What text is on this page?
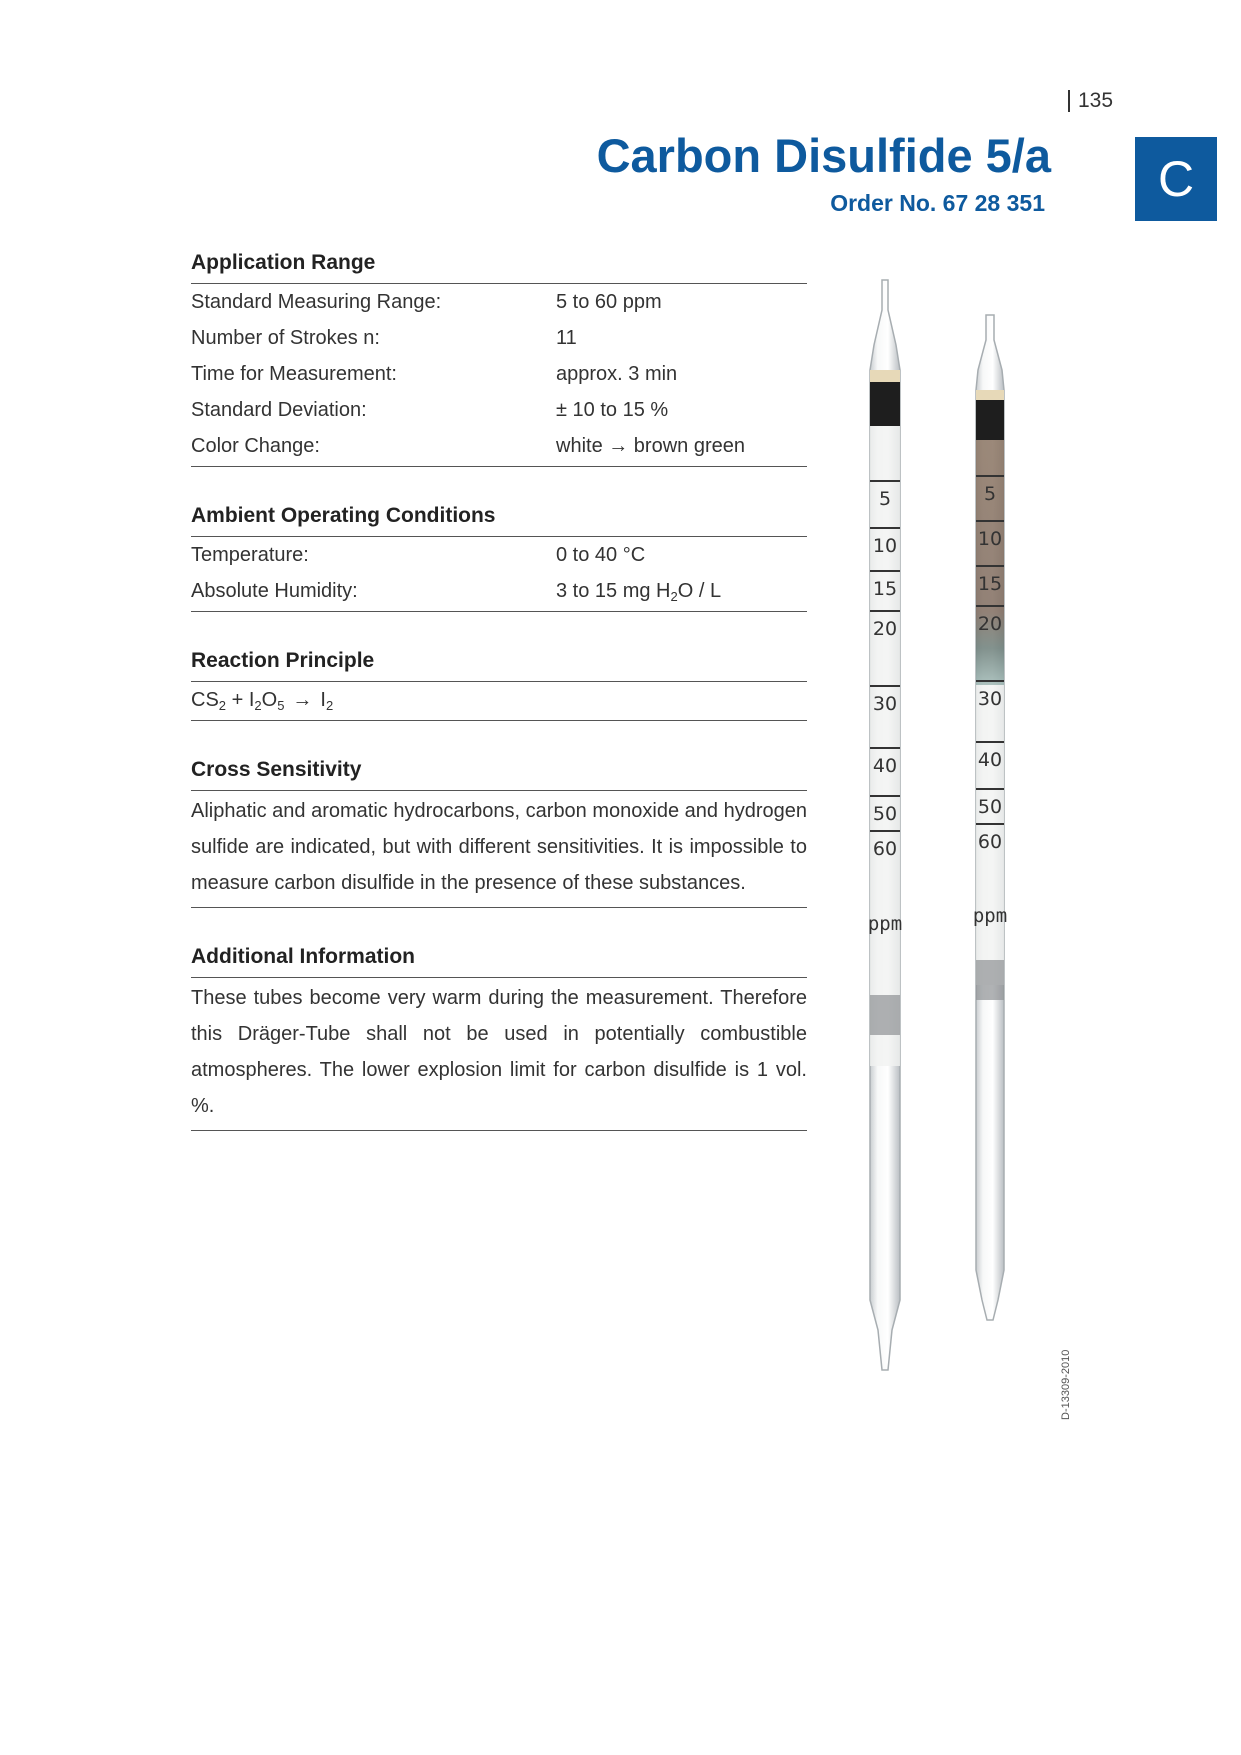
135
Carbon Disulfide 5/a
Order No. 67 28 351	C
Application Range
Standard Measuring Range:	5 to 60 ppm
Number of Strokes n:	11
Time for Measurement:	approx. 3 min
Standard Deviation:	± 10 to 15 %
Color Change:	white → brown green
Ambient Operating Conditions
Temperature:	0 to 40 °C
Absolute Humidity:	3 to 15 mg $H_2O$ / L
Reaction Principle
$CS_2 + I_2O_5 \to I_2$
Cross Sensitivity

Aliphatic and aromatic hydrocarbons, carbon monoxide and hydrogen sulfide are indicated, but with different sensitivities. It is impossible to measure carbon disulfide in the presence of these substances.

Additional Information

These tubes become very warm during the measurement. Therefore this Dräger-Tube shall not be used in potentially combustible atmospheres. The lower explosion limit for carbon disulfide is 1 vol. %.

5
10
15
20
30
40
50
60
ppm
5
10
15
20
30
40
50
60
ppm
D-13309-2010
